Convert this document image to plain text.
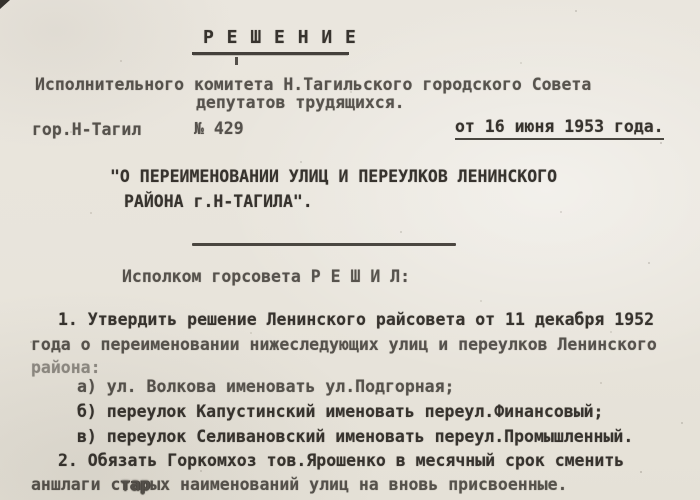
Р Е Ш Е Н И Е
Исполнительного комитета Н.Тагильского городского Совета
депутатов трудящихся.
гор.Н-Тагил	№ 429	от 16 июня 1953 года.
"О ПЕРЕИМЕНОВАНИИ УЛИЦ И ПЕРЕУЛКОВ ЛЕНИНСКОГО
РАЙОНА г.Н-ТАГИЛА".
Исполком горсовета Р Е Ш И Л:
1. Утвердить решение Ленинского райсовета от 11 декабря 1952
года о переименовании нижеследующих улиц и переулков Ленинского
района:
а) ул. Волкова именовать ул.Подгорная;
б) переулок Капустинский именовать переул.Финансовый;
в) переулок Селивановский именовать переул.Промышленный.
2. Обязать Горкомхоз тов.Ярошенко в месячный срок сменить
аншлаги старых наименований улиц на вновь присвоенные.
